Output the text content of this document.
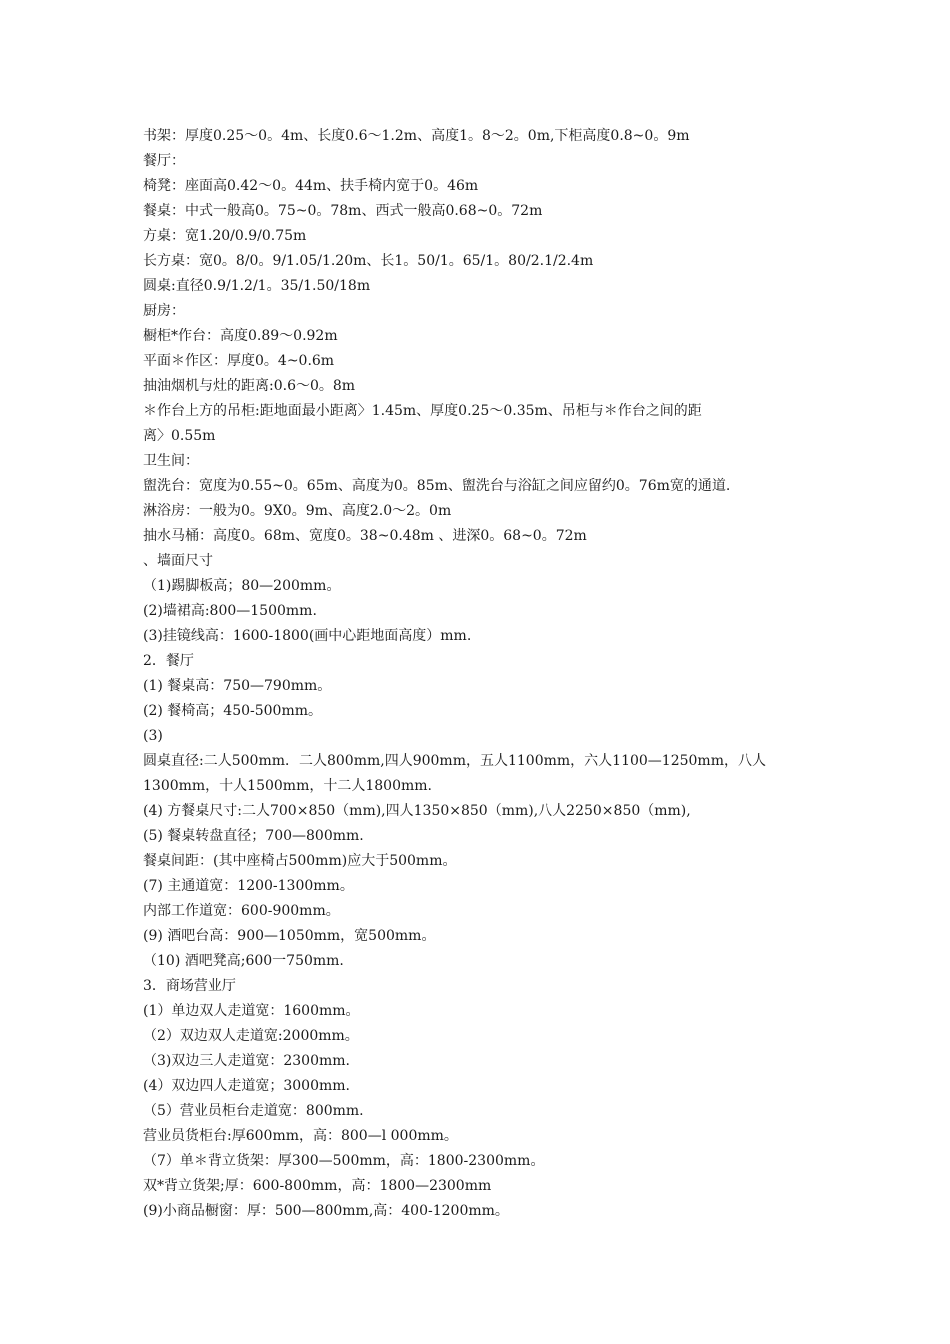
书架：厚度0.25～0。4m、长度0.6～1.2m、高度1。8～2。0m,下柜高度0.8~0。9m

餐厅：

椅凳：座面高0.42～0。44m、扶手椅内宽于0。46m

餐桌：中式一般高0。75~0。78m、西式一般高0.68~0。72m

方桌：宽1.20/0.9/0.75m

长方桌：宽0。8/0。9/1.05/1.20m、长1。50/1。65/1。80/2.1/2.4m

圆桌:直径0.9/1.2/1。35/1.50/18m

厨房：

橱柜*作台：高度0.89～0.92m

平面＊作区：厚度0。4~0.6m

抽油烟机与灶的距离:0.6～0。8m

＊作台上方的吊柜:距地面最小距离〉1.45m、厚度0.25～0.35m、吊柜与＊作台之间的距

离〉0.55m

卫生间：

盥洗台：宽度为0.55~0。65m、高度为0。85m、盥洗台与浴缸之间应留约0。76m宽的通道.

淋浴房：一般为0。9X0。9m、高度2.0～2。0m

抽水马桶：高度0。68m、宽度0。38~0.48m 、进深0。68~0。72m

、墙面尺寸

（1)踢脚板高；80—200mm。

(2)墙裙高:800—1500mm.

(3)挂镜线高：1600-1800(画中心距地面高度）mm.

2．餐厅

(1) 餐桌高：750—790mm。

(2) 餐椅高；450-500mm。

(3)

圆桌直径:二人500mm．二人800mm,四人900mm，五人1100mm，六人1100—1250mm，八人

1300mm，十人1500mm，十二人1800mm.

(4) 方餐桌尺寸:二人700×850（mm),四人1350×850（mm),八人2250×850（mm),

(5) 餐桌转盘直径；700—800mm.

餐桌间距：(其中座椅占500mm)应大于500mm。

(7) 主通道宽：1200-1300mm。

内部工作道宽：600-900mm。

(9) 酒吧台高：900—1050mm，宽500mm。

（10) 酒吧凳高;600一750mm.

3．商场营业厅

(1）单边双人走道宽：1600mm。

（2）双边双人走道宽:2000mm。

（3)双边三人走道宽：2300mm.

(4）双边四人走道宽；3000mm.

（5）营业员柜台走道宽：800mm.

营业员货柜台:厚600mm，高：800—l 000mm。

（7）单＊背立货架：厚300—500mm，高：1800-2300mm。

双*背立货架;厚：600-800mm，高：1800—2300mm

(9)小商品橱窗：厚：500—800mm,高：400-1200mm。
